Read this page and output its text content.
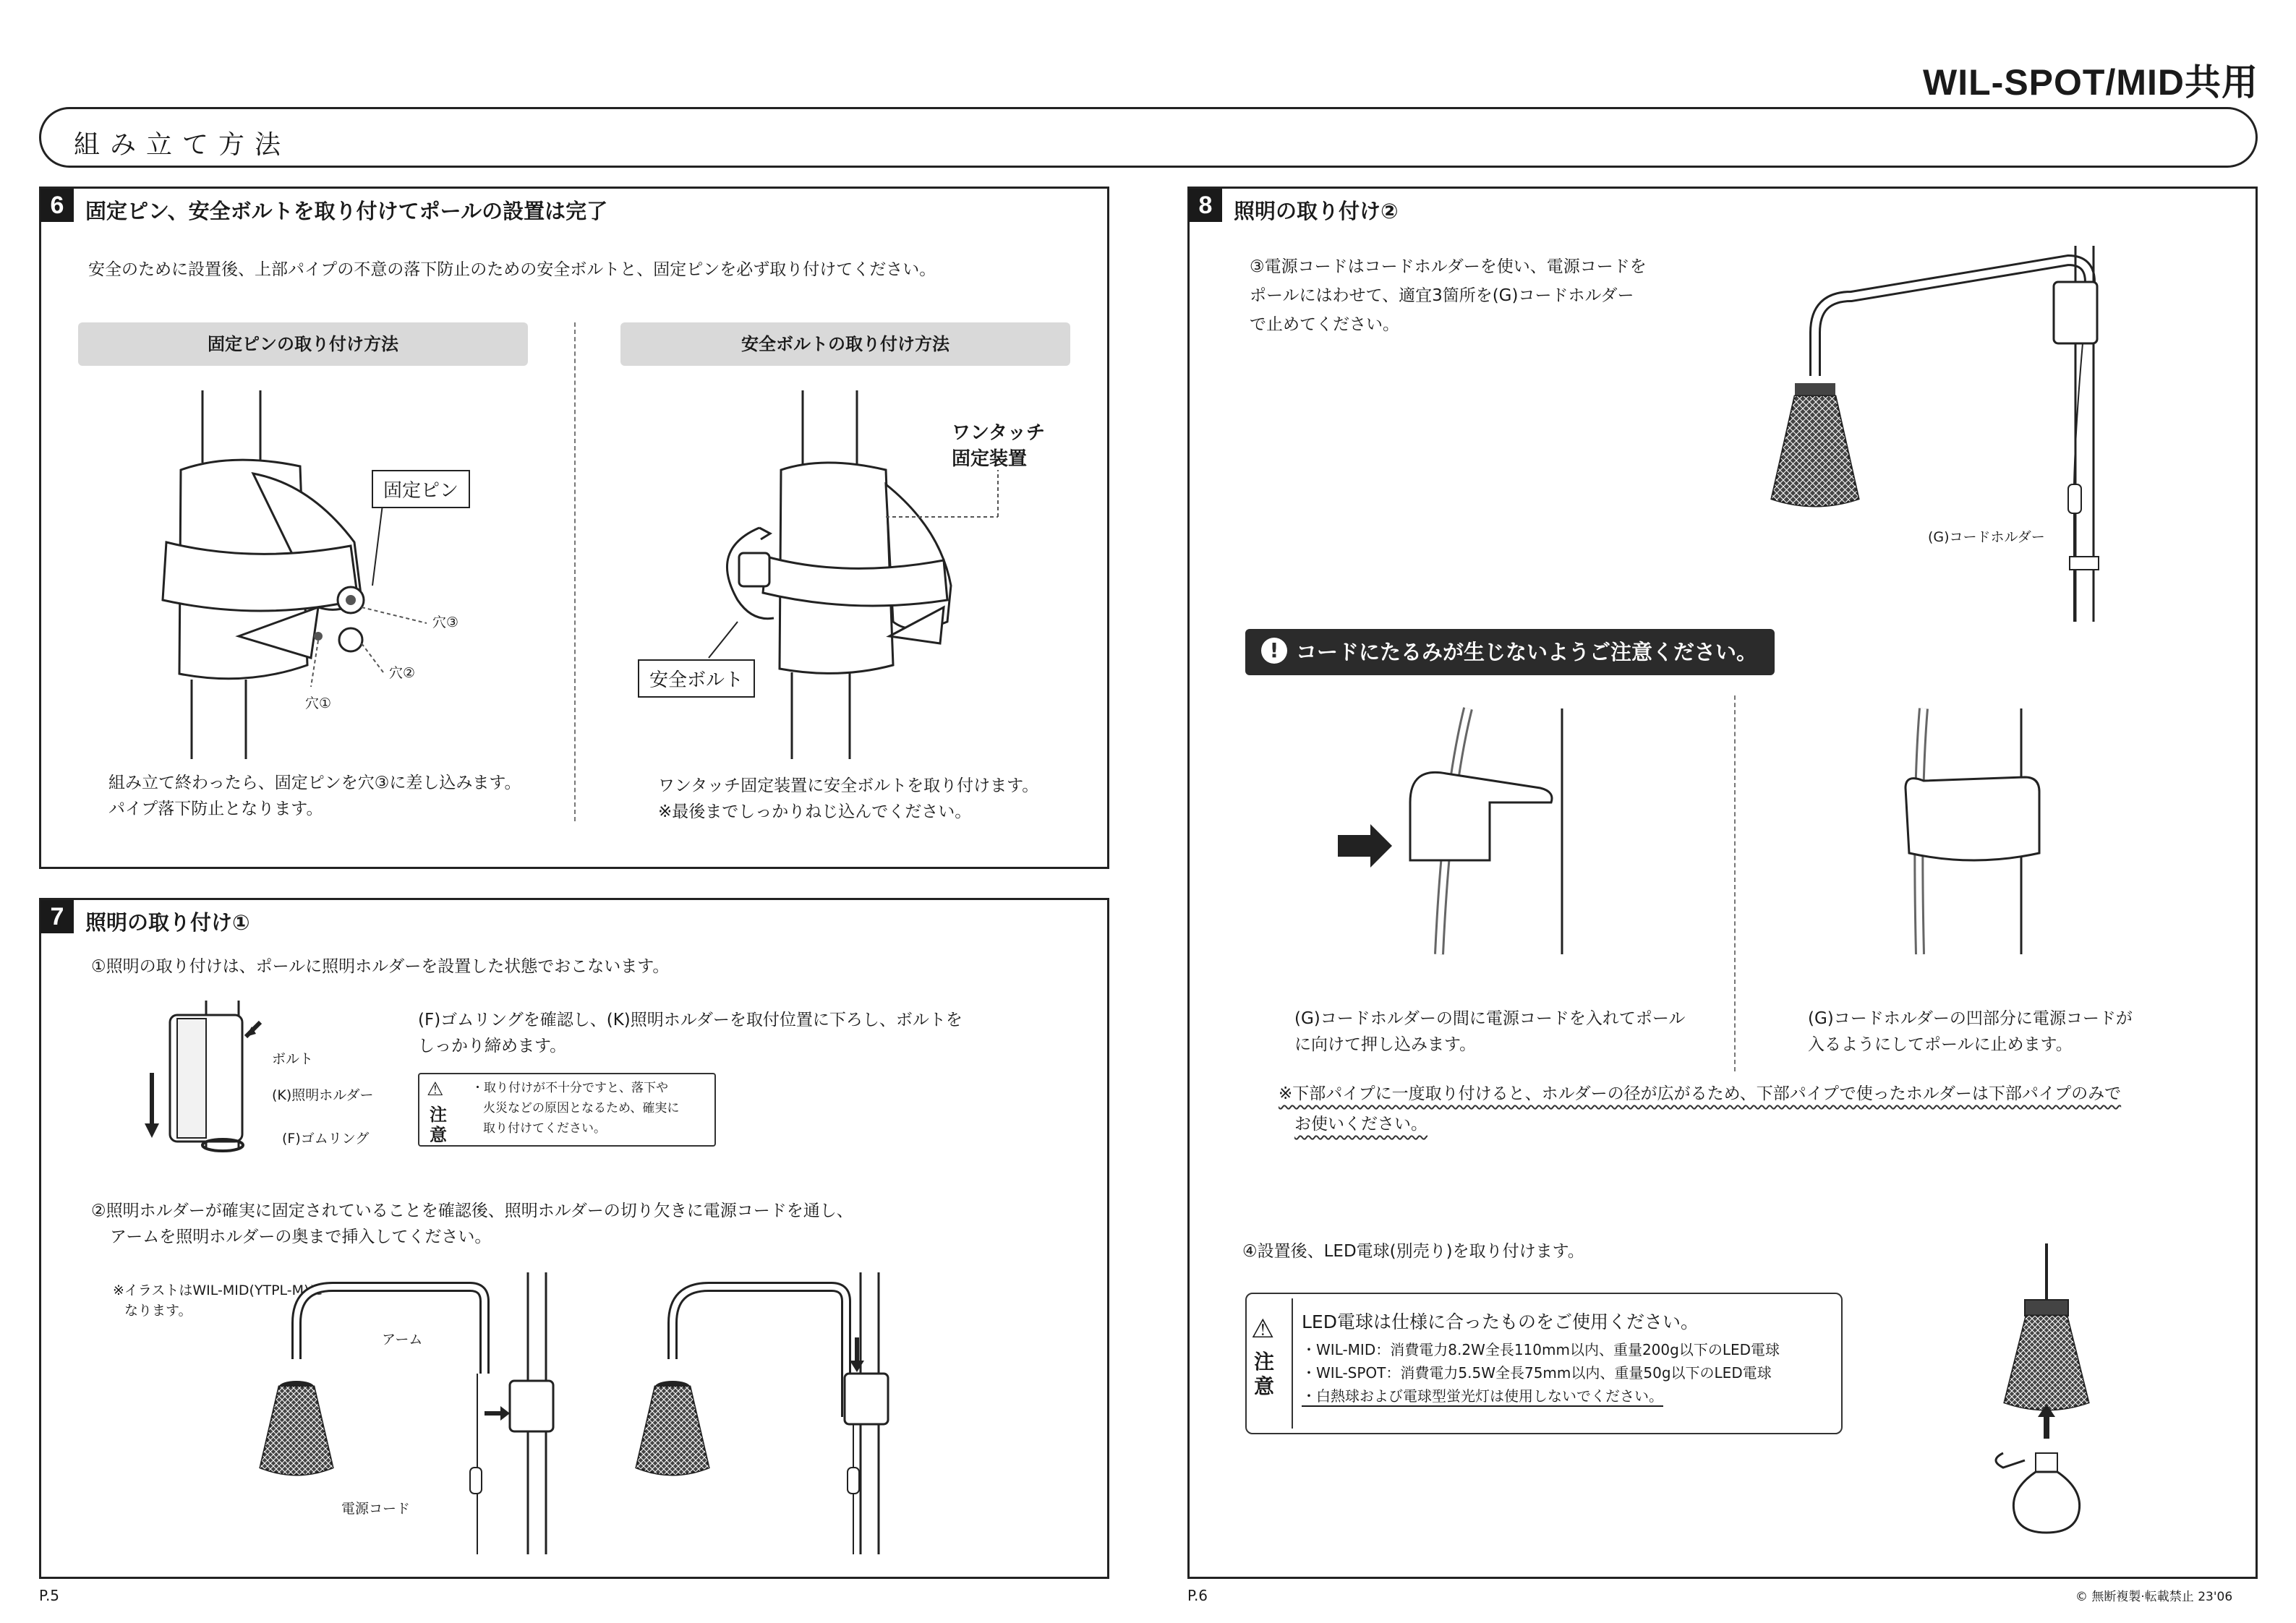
WIL-SPOT/MID共用
組み立て方法
6	固定ピン、安全ボルトを取り付けてポールの設置は完了
安全のために設置後、上部パイプの不意の落下防止のための安全ボルトと、固定ピンを必ず取り付けてください。
固定ピンの取り付け方法	安全ボルトの取り付け方法
固定ピン
穴③
穴②
穴①
ワンタッチ
固定装置
安全ボルト
組み立て終わったら、固定ピンを穴③に差し込みます。
パイプ落下防止となります。
ワンタッチ固定装置に安全ボルトを取り付けます。
※最後までしっかりねじ込んでください。
7	照明の取り付け①
①照明の取り付けは、ポールに照明ホルダーを設置した状態でおこないます。
ボルト
(K)照明ホルダー
(F)ゴムリング
(F)ゴムリングを確認し、(K)照明ホルダーを取付位置に下ろし、ボルトを
しっかり締めます。
⚠
注
意
・取り付けが不十分ですと、落下や
火災などの原因となるため、確実に
取り付けてください。
②照明ホルダーが確実に固定されていることを確認後、照明ホルダーの切り欠きに電源コードを通し、
アームを照明ホルダーの奥まで挿入してください。
※イラストはWIL-MID(YTPL-M)に
なります。
アーム
電源コード
8	照明の取り付け②
③電源コードはコードホルダーを使い、電源コードを
ポールにはわせて、適宜3箇所を(G)コードホルダー
で止めてください。
(G)コードホルダー
コードにたるみが生じないようご注意ください。
!
(G)コードホルダーの間に電源コードを入れてポール
に向けて押し込みます。
(G)コードホルダーの凹部分に電源コードが
入るようにしてポールに止めます。
※下部パイプに一度取り付けると、ホルダーの径が広がるため、下部パイプで使ったホルダーは下部パイプのみで
お使いください。
④設置後、LED電球(別売り)を取り付けます。
⚠
注
意
LED電球は仕様に合ったものをご使用ください。
・WIL-MID：消費電力8.2W全長110mm以内、重量200g以下のLED電球
・WIL-SPOT：消費電力5.5W全長75mm以内、重量50g以下のLED電球
・白熱球および電球型蛍光灯は使用しないでください。
P.5	P.6	© 無断複製·転載禁止 23'06
